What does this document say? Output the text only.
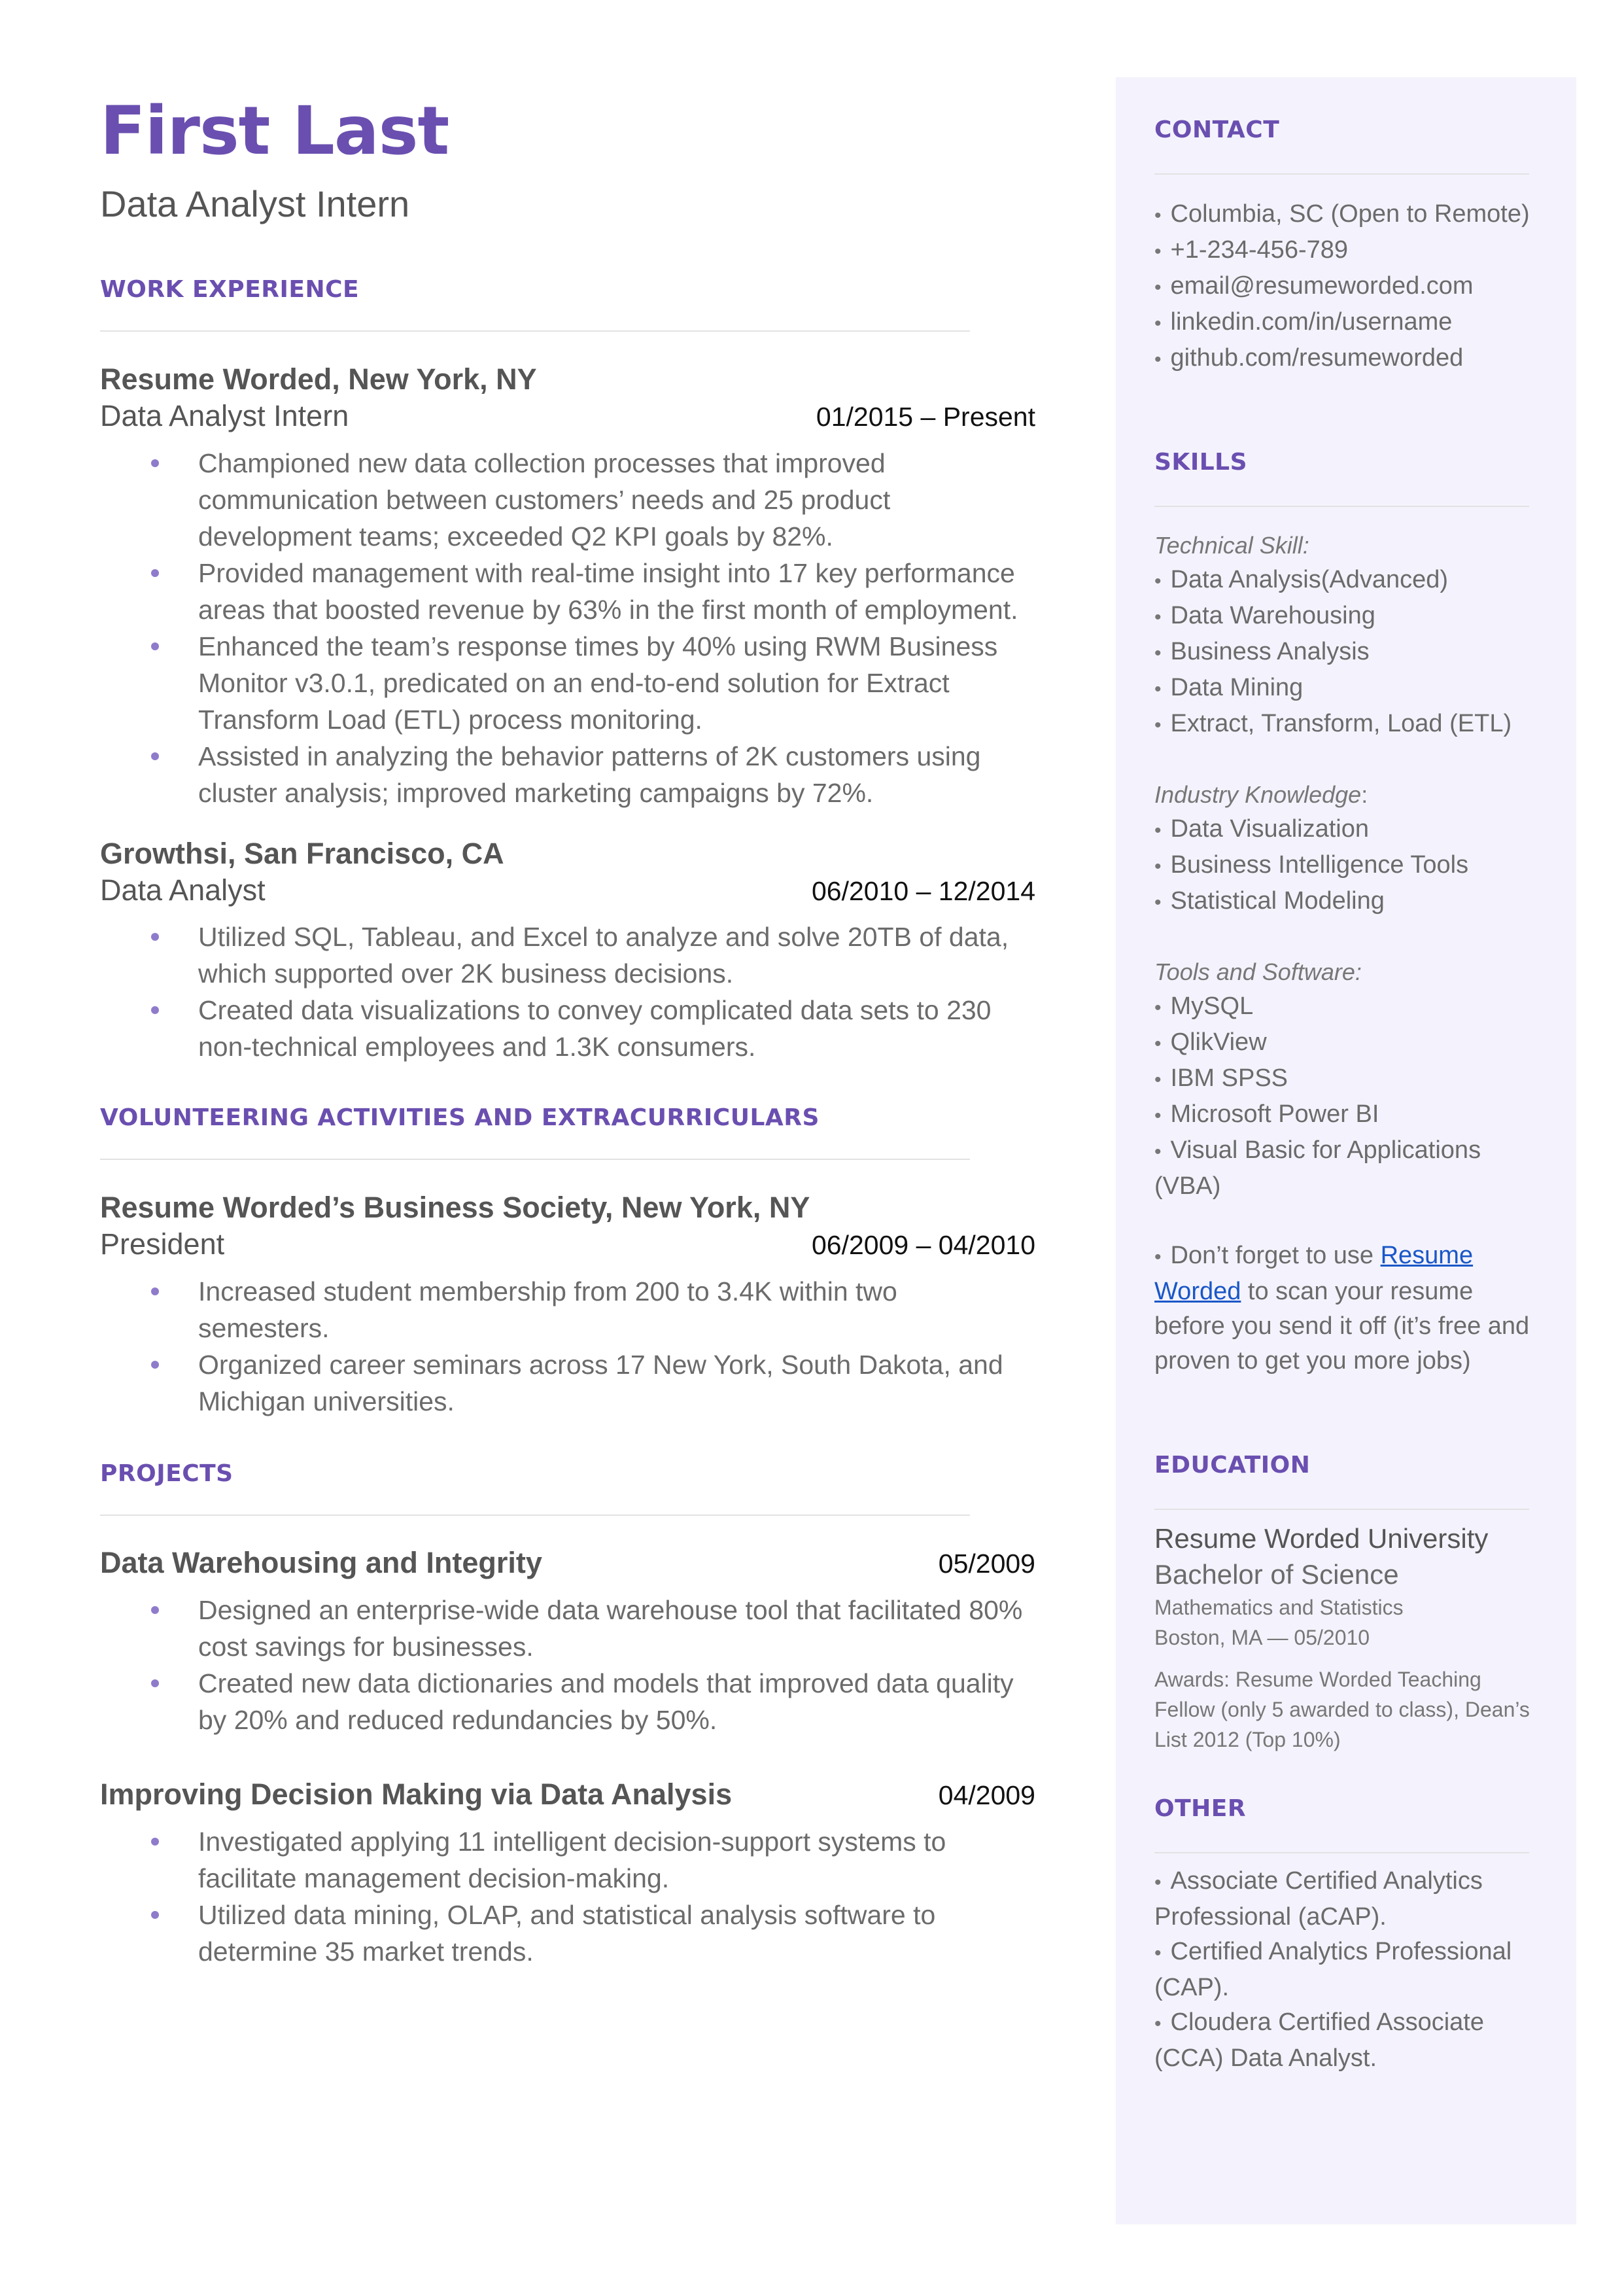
First Last
Data Analyst Intern
WORK EXPERIENCE
Resume Worded, New York, NY
Data Analyst Intern	01/2015 – Present
Championed new data collection processes that improved communication between customers’ needs and 25 product development teams; exceeded Q2 KPI goals by 82%.
Provided management with real-time insight into 17 key performance areas that boosted revenue by 63% in the first month of employment.
Enhanced the team’s response times by 40% using RWM Business Monitor v3.0.1, predicated on an end-to-end solution for Extract Transform Load (ETL) process monitoring.
Assisted in analyzing the behavior patterns of 2K customers using cluster analysis; improved marketing campaigns by 72%.
Growthsi, San Francisco, CA
Data Analyst	06/2010 – 12/2014
Utilized SQL, Tableau, and Excel to analyze and solve 20TB of data, which supported over 2K business decisions.
Created data visualizations to convey complicated data sets to 230 non-technical employees and 1.3K consumers.
VOLUNTEERING ACTIVITIES AND EXTRACURRICULARS
Resume Worded’s Business Society, New York, NY
President	06/2009 – 04/2010
Increased student membership from 200 to 3.4K within two semesters.
Organized career seminars across 17 New York, South Dakota, and Michigan universities.
PROJECTS
Data Warehousing and Integrity	05/2009
Designed an enterprise-wide data warehouse tool that facilitated 80% cost savings for businesses.
Created new data dictionaries and models that improved data quality by 20% and reduced redundancies by 50%.
Improving Decision Making via Data Analysis	04/2009
Investigated applying 11 intelligent decision-support systems to facilitate management decision-making.
Utilized data mining, OLAP, and statistical analysis software to determine 35 market trends.
CONTACT
• Columbia, SC (Open to Remote)
• +1-234-456-789
• email@resumeworded.com
• linkedin.com/in/username
• github.com/resumeworded
SKILLS
Technical Skill:
• Data Analysis(Advanced)
• Data Warehousing
• Business Analysis
• Data Mining
• Extract, Transform, Load (ETL)
Industry Knowledge:
• Data Visualization
• Business Intelligence Tools
• Statistical Modeling
Tools and Software:
• MySQL
• QlikView
• IBM SPSS
• Microsoft Power BI
• Visual Basic for Applications (VBA)
• Don’t forget to use Resume Worded to scan your resume before you send it off (it’s free and proven to get you more jobs)
EDUCATION
Resume Worded University
Bachelor of Science
Mathematics and Statistics
Boston, MA — 05/2010
Awards: Resume Worded Teaching Fellow (only 5 awarded to class), Dean’s List 2012 (Top 10%)
OTHER
• Associate Certified Analytics Professional (aCAP).
• Certified Analytics Professional (CAP).
• Cloudera Certified Associate (CCA) Data Analyst.
